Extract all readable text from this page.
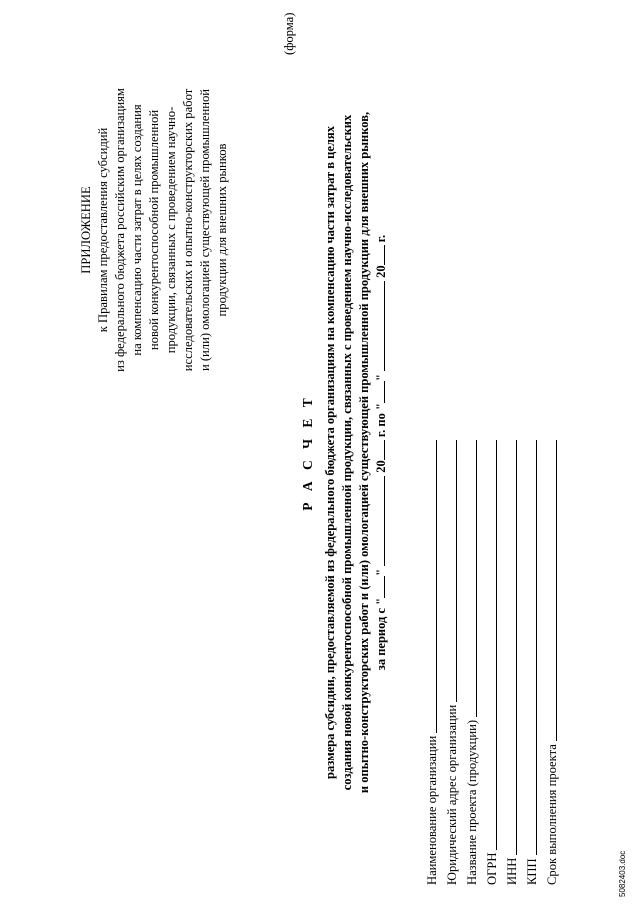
ПРИЛОЖЕНИЕ к Правилам предоставления субсидий из федерального бюджета российским организациям на компенсацию части затрат в целях создания новой конкурентоспособной промышленной продукции, связанных с проведением научно- исследовательских и опытно-конструкторских работ и (или) омологацией существующей промышленной продукции для внешних рынков
(форма)
Р А С Ч Е Т размера субсидии, предоставляемой из федерального бюджета организациям на компенсацию части затрат в целях создания новой конкурентоспособной промышленной продукции, связанных с проведением научно-исследовательских и опытно-конструкторских работ и (или) омологацией существующей промышленной продукции для внешних рынков, за период с ""  20 г. по ""  20 г.
Наименование организации Юридический адрес организации Название проекта (продукции) ОГРН ИНН КПП Срок выполнения проекта	5082403.doc
